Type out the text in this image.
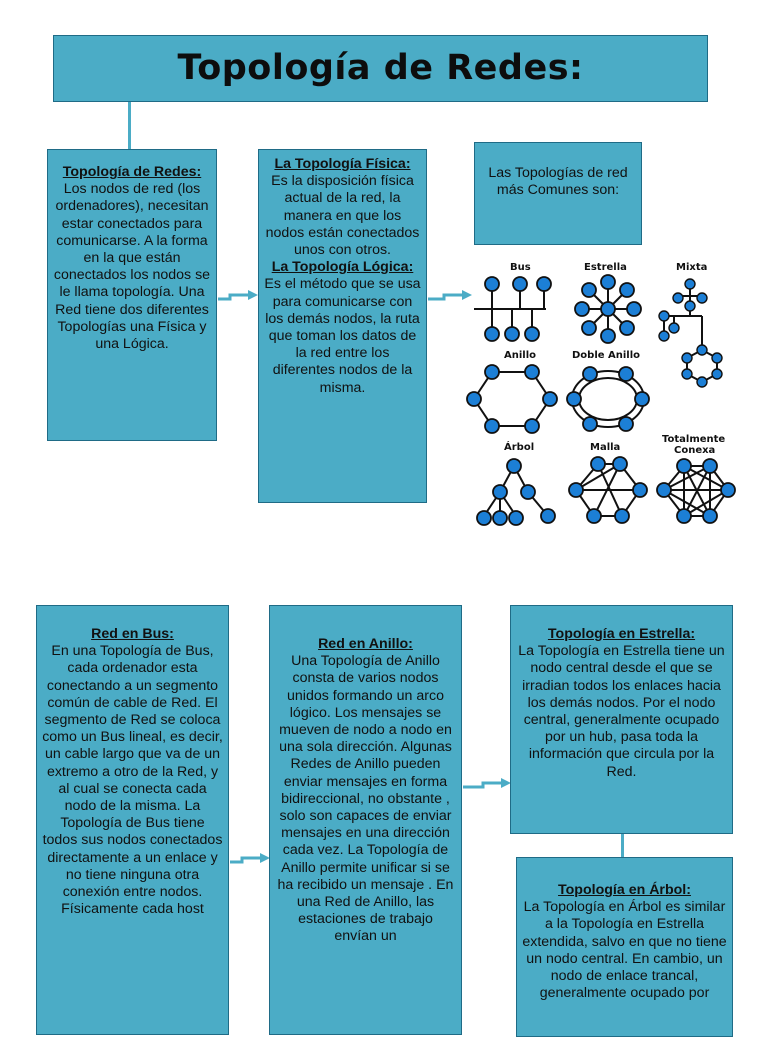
Topología de Redes:
Topología de Redes:
Los nodos de red (los ordenadores), necesitan estar conectados para comunicarse. A la forma en la que están conectados los nodos se le llama topología. Una Red tiene dos diferentes Topologías una Física y una Lógica.
La Topología Física:
Es la disposición física actual de la red, la manera en que los nodos están conectados unos con otros.
La Topología Lógica:
Es el método que se usa para comunicarse con los demás nodos, la ruta que toman los datos de la red entre los diferentes nodos de la misma.
Las Topologías de red más Comunes son:
Bus	Estrella	Mixta
Anillo	Doble Anillo
Árbol	Malla
Totalmente
Conexa
Red en Bus:
En una Topología de Bus, cada ordenador esta conectando a un segmento común de cable de Red. El segmento de Red se coloca como un Bus lineal, es decir, un cable largo que va de un extremo a otro de la Red, y al cual se conecta cada nodo de la misma. La Topología de Bus tiene todos sus nodos conectados directamente a un enlace y no tiene ninguna otra conexión entre nodos. Físicamente cada host
Red en Anillo:
Una Topología de Anillo consta de varios nodos unidos formando un arco lógico. Los mensajes se mueven de nodo a nodo en una sola dirección. Algunas Redes de Anillo pueden enviar mensajes en forma bidireccional, no obstante , solo son capaces de enviar mensajes en una dirección cada vez. La Topología de Anillo permite unificar si se ha recibido un mensaje . En una Red de Anillo, las estaciones de trabajo envían un
Topología en Estrella:
La Topología en Estrella tiene un nodo central desde el que se irradian todos los enlaces hacia los demás nodos. Por el nodo central, generalmente ocupado por un hub, pasa toda la información que circula por la Red.
Topología en Árbol:
La Topología en Árbol es similar a la Topología en Estrella extendida, salvo en que no tiene un nodo central. En cambio, un nodo de enlace trancal, generalmente ocupado por
